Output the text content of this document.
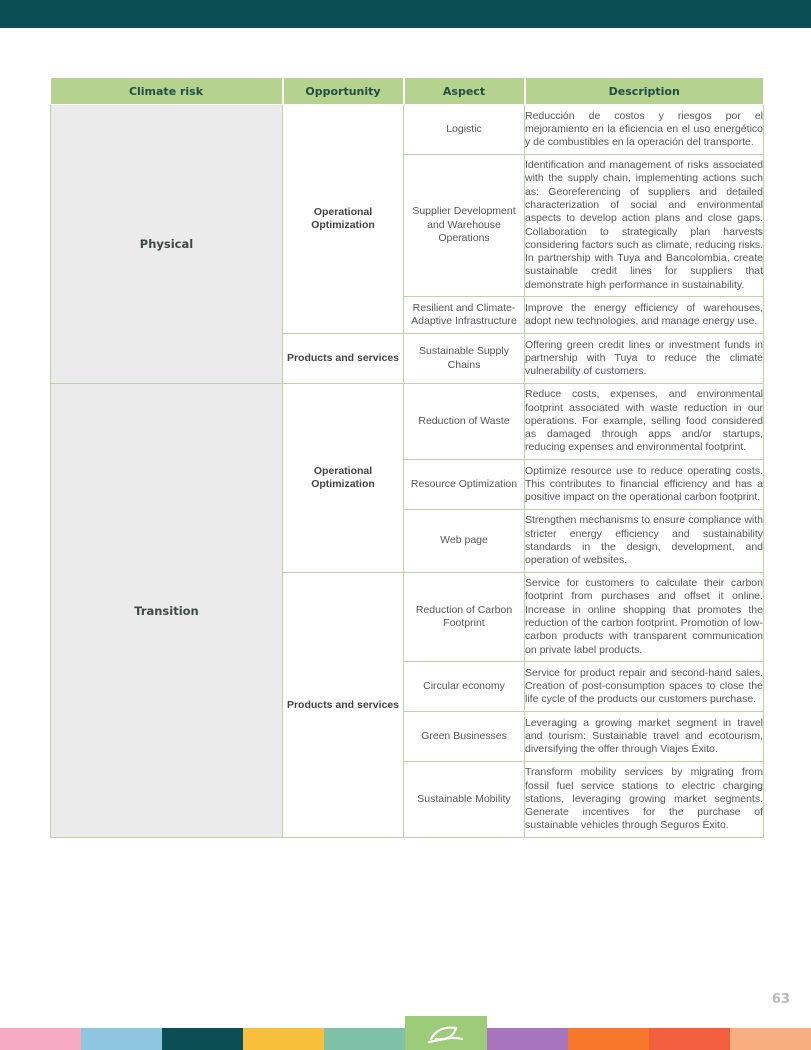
Climate risk	Opportunity	Aspect	Description
Physical	Operational Optimization	Logistic	Reducción de costos y riesgos por el mejoramiento en la eficiencia en el uso energético y de combustibles en la operación del transporte.
		Supplier Development and Warehouse Operations	Identification and management of risks associated with the supply chain, implementing actions such as: Georeferencing of suppliers and detailed characterization of social and environmental aspects to develop action plans and close gaps. Collaboration to strategically plan harvests considering factors such as climate, reducing risks. In partnership with Tuya and Bancolombia, create sustainable credit lines for suppliers that demonstrate high performance in sustainability.
		Resilient and Climate-Adaptive Infrastructure	Improve the energy efficiency of warehouses, adopt new technologies, and manage energy use.
	Products and services	Sustainable Supply Chains	Offering green credit lines or investment funds in partnership with Tuya to reduce the climate vulnerability of customers.
Transition	Operational Optimization	Reduction of Waste	Reduce costs, expenses, and environmental footprint associated with waste reduction in our operations. For example, selling food considered as damaged through apps and/or startups, reducing expenses and environmental footprint.
		Resource Optimization	Optimize resource use to reduce operating costs. This contributes to financial efficiency and has a positive impact on the operational carbon footprint.
		Web page	Strengthen mechanisms to ensure compliance with stricter energy efficiency and sustainability standards in the design, development, and operation of websites.
	Products and services	Reduction of Carbon Footprint	Service for customers to calculate their carbon footprint from purchases and offset it online. Increase in online shopping that promotes the reduction of the carbon footprint. Promotion of low-carbon products with transparent communication on private label products.
		Circular economy	Service for product repair and second-hand sales. Creation of post-consumption spaces to close the life cycle of the products our customers purchase.
		Green Businesses	Leveraging a growing market segment in travel and tourism: Sustainable travel and ecotourism, diversifying the offer through Viajes Éxito.
		Sustainable Mobility	Transform mobility services by migrating from fossil fuel service stations to electric charging stations, leveraging growing market segments. Generate incentives for the purchase of sustainable vehicles through Seguros Éxito.
63
